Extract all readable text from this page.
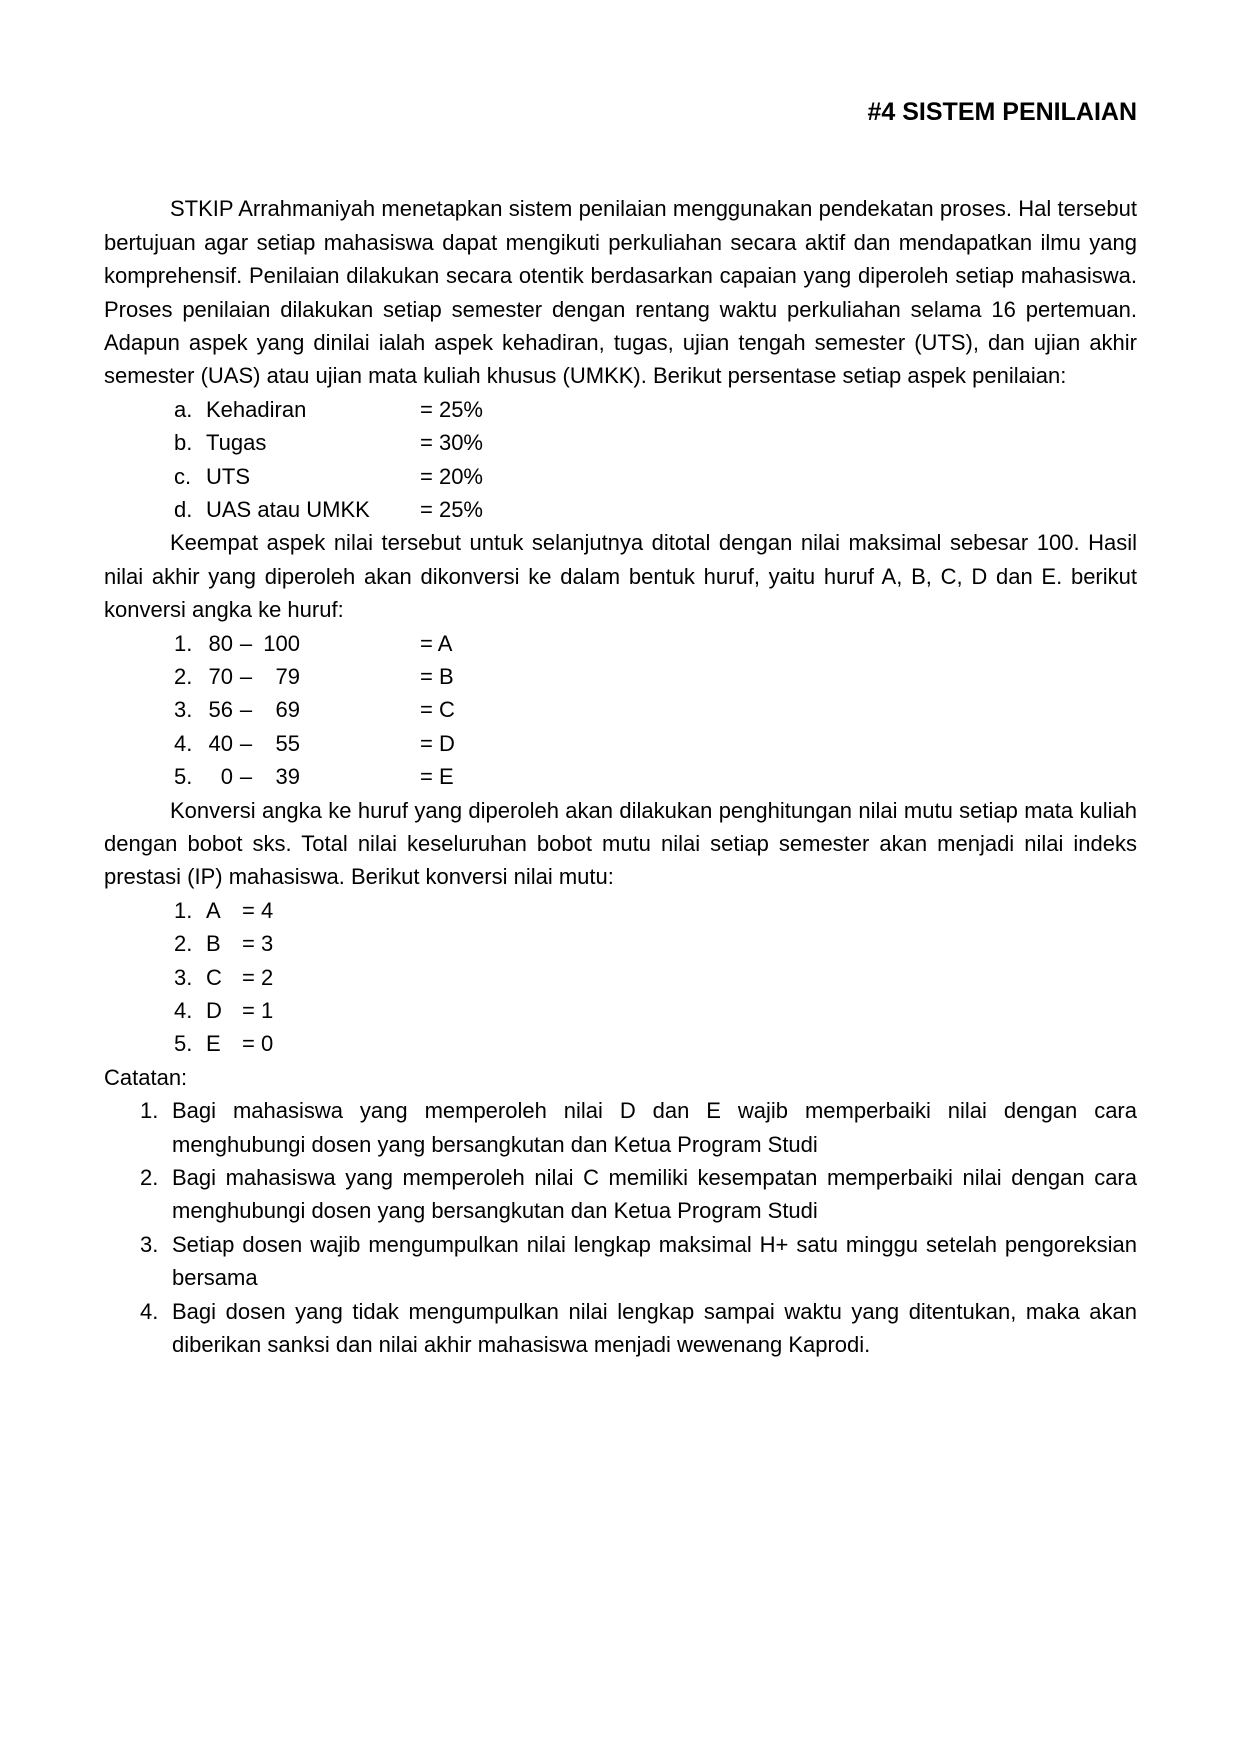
#4 SISTEM PENILAIAN

STKIP Arrahmaniyah menetapkan sistem penilaian menggunakan pendekatan proses. Hal tersebut bertujuan agar setiap mahasiswa dapat mengikuti perkuliahan secara aktif dan mendapatkan ilmu yang komprehensif. Penilaian dilakukan secara otentik berdasarkan capaian yang diperoleh setiap mahasiswa. Proses penilaian dilakukan setiap semester dengan rentang waktu perkuliahan selama 16 pertemuan. Adapun aspek yang dinilai ialah aspek kehadiran, tugas, ujian tengah semester (UTS), dan ujian akhir semester (UAS) atau ujian mata kuliah khusus (UMKK). Berikut persentase setiap aspek penilaian:

a. Kehadiran	= 25%
b. Tugas	= 30%
c. UTS	= 20%
d. UAS atau UMKK = 25%

Keempat aspek nilai tersebut untuk selanjutnya ditotal dengan nilai maksimal sebesar 100. Hasil nilai akhir yang diperoleh akan dikonversi ke dalam bentuk huruf, yaitu huruf A, B, C, D dan E. berikut konversi angka ke huruf:

1. 80 – 100	= A
2. 70 – 79	= B
3. 56 – 69	= C
4. 40 – 55	= D
5.	0 – 39	= E

Konversi angka ke huruf yang diperoleh akan dilakukan penghitungan nilai mutu setiap mata kuliah dengan bobot sks. Total nilai keseluruhan bobot mutu nilai setiap semester akan menjadi nilai indeks prestasi (IP) mahasiswa. Berikut konversi nilai mutu:

1. A = 4
2. B = 3
3. C = 2
4. D = 1
5. E = 0

Catatan:

1. Bagi mahasiswa yang memperoleh nilai D dan E wajib memperbaiki nilai dengan cara menghubungi dosen yang bersangkutan dan Ketua Program Studi
2. Bagi mahasiswa yang memperoleh nilai C memiliki kesempatan memperbaiki nilai dengan cara menghubungi dosen yang bersangkutan dan Ketua Program Studi
3. Setiap dosen wajib mengumpulkan nilai lengkap maksimal H+ satu minggu setelah pengoreksian bersama
4. Bagi dosen yang tidak mengumpulkan nilai lengkap sampai waktu yang ditentukan, maka akan diberikan sanksi dan nilai akhir mahasiswa menjadi wewenang Kaprodi.
